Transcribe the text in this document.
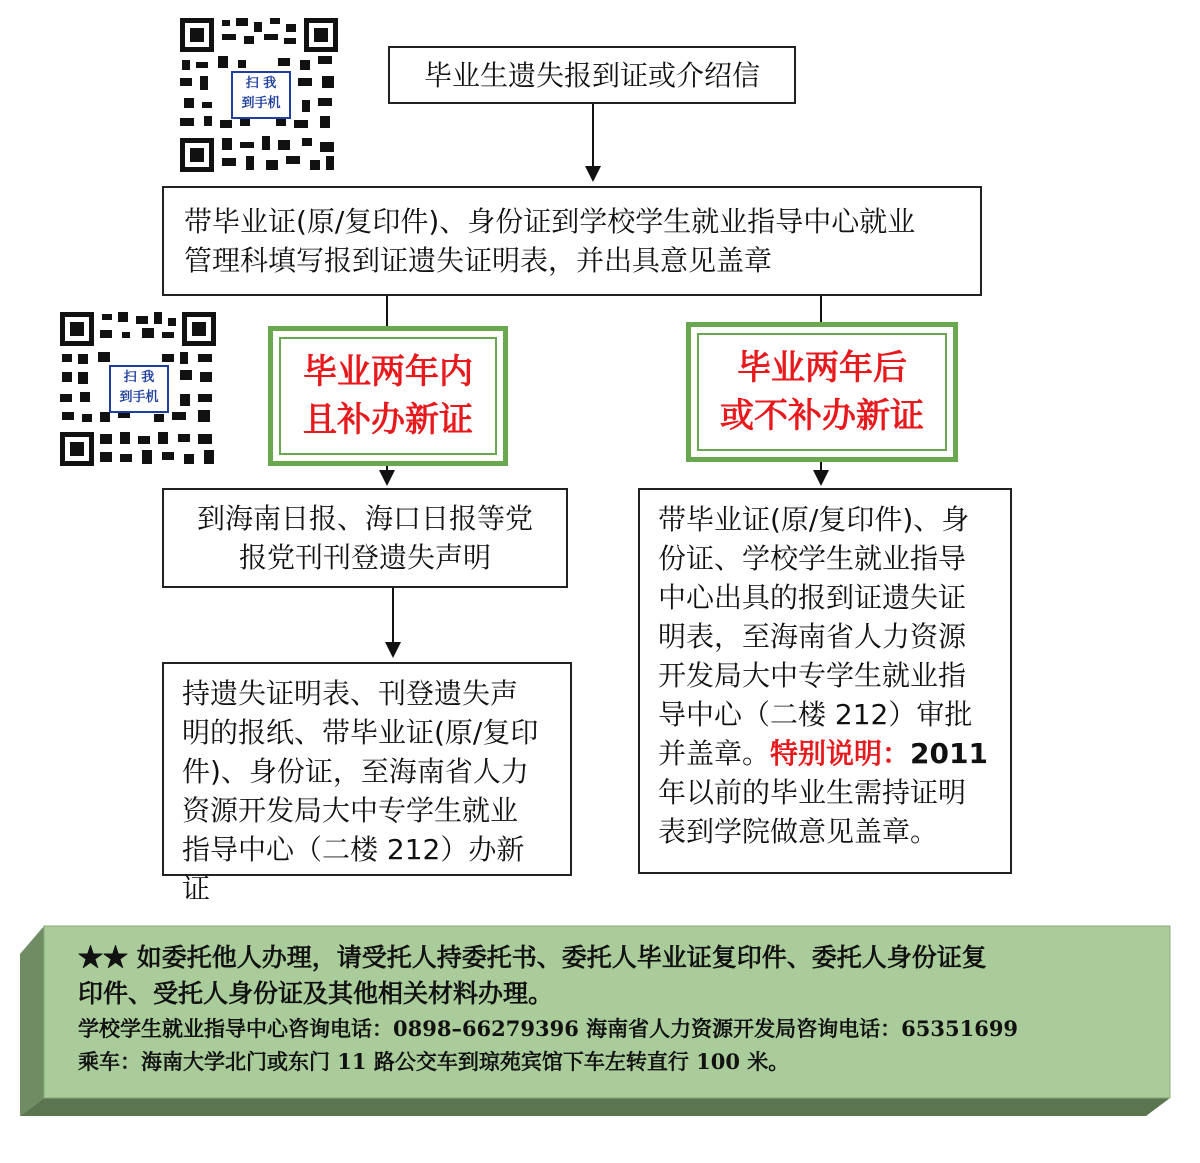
扫 我
到手机
扫 我
到手机
毕业生遗失报到证或介绍信
带毕业证(原/复印件)、身份证到学校学生就业指导中心就业
管理科填写报到证遗失证明表，并出具意见盖章
毕业两年内
且补办新证
毕业两年后
或不补办新证
到海南日报、海口日报等党
报党刊刊登遗失声明
持遗失证明表、刊登遗失声
明的报纸、带毕业证(原/复印
件)、身份证，至海南省人力
资源开发局大中专学生就业
指导中心（二楼 212）办新证
带毕业证(原/复印件)、身
份证、学校学生就业指导
中心出具的报到证遗失证
明表，至海南省人力资源
开发局大中专学生就业指
导中心（二楼 212）审批
并盖章。特别说明：2011
年以前的毕业生需持证明
表到学院做意见盖章。
★★ 如委托他人办理，请受托人持委托书、委托人毕业证复印件、委托人身份证复
印件、受托人身份证及其他相关材料办理。
学校学生就业指导中心咨询电话：0898–66279396 海南省人力资源开发局咨询电话：65351699
乘车：海南大学北门或东门 11 路公交车到琼苑宾馆下车左转直行 100 米。
